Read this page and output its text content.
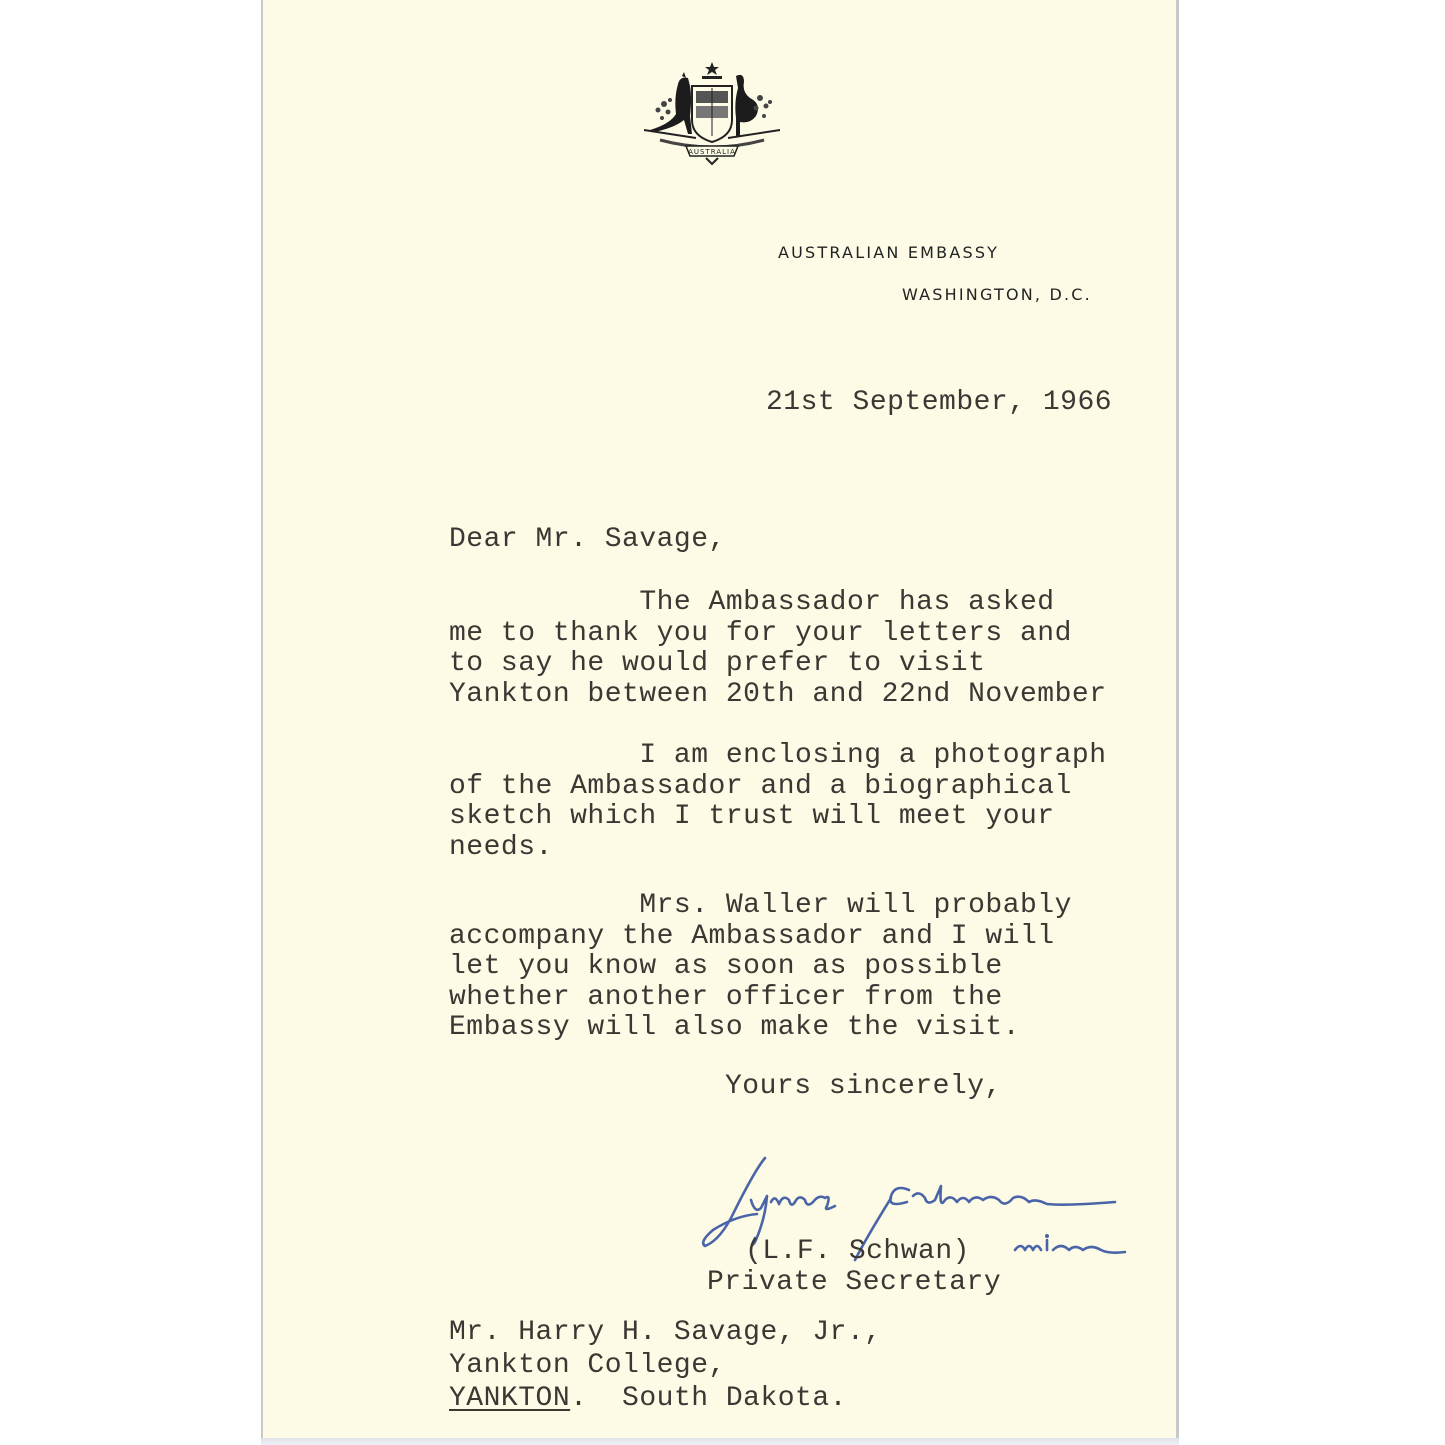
AUSTRALIA
AUSTRALIAN EMBASSY
WASHINGTON, D.C.
21st September, 1966
Dear Mr. Savage,
The Ambassador has asked
me to thank you for your letters and
to say he would prefer to visit
Yankton between 20th and 22nd November
I am enclosing a photograph
of the Ambassador and a biographical
sketch which I trust will meet your
needs.
Mrs. Waller will probably
accompany the Ambassador and I will
let you know as soon as possible
whether another officer from the
Embassy will also make the visit.
Yours sincerely,
(L.F. Schwan)
Private Secretary
Mr. Harry H. Savage, Jr.,
Yankton College,
YANKTON.  South Dakota.
